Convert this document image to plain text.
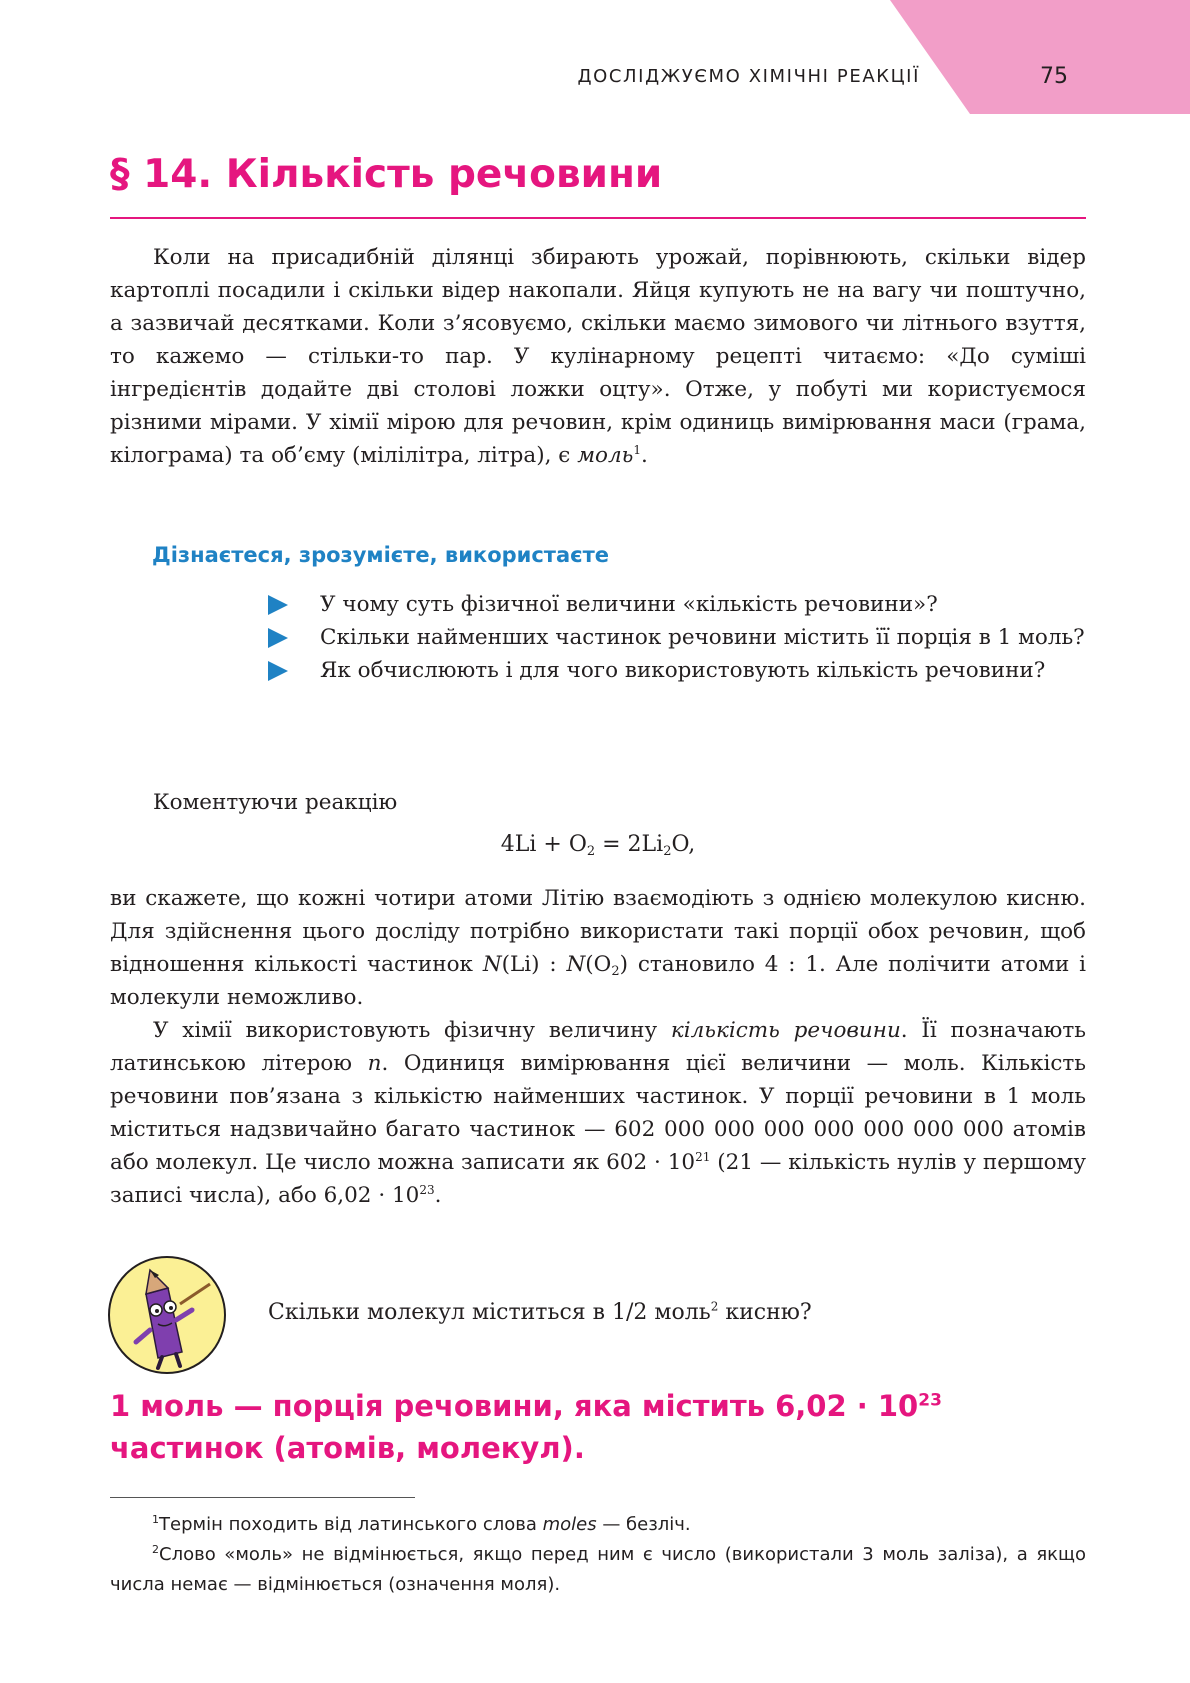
ДОСЛІДЖУЄМО ХІМІЧНІ РЕАКЦІЇ	75
§ 14. Кількість речовини
Коли на присадибній ділянці збирають урожай, порівнюють, скільки відер картоплі посадили і скільки відер накопали. Яйця купують не на вагу чи поштучно, а зазвичай десятками. Коли з’ясовуємо, скільки маємо зимового чи літнього взуття, то кажемо — стільки-то пар. У кулінарному рецепті читаємо: «До суміші інгредієнтів додайте дві столові ложки оцту». Отже, у побуті ми користуємося різними мірами. У хімії мірою для речовин, крім одиниць вимірювання маси (грама, кілограма) та об’єму (мілілітра, літра), є моль$^1$.
Дізнаєтеся, зрозумієте, використаєте
У чому суть фізичної величини «кількість речовини»?
Скільки найменших частинок речовини містить її порція в 1 моль?
Як обчислюють і для чого використовують кількість речовини?
Коментуючи реакцію
$4Li + O_2 = 2Li_2O$,
ви скажете, що кожні чотири атоми Літію взаємодіють з однією молекулою кисню. Для здійснення цього досліду потрібно використати такі порції обох речовин, щоб відношення кількості частинок N(Li) : $N(O_2)$ становило 4 : 1. Але полічити атоми і молекули неможливо.
У хімії використовують фізичну величину кількість речовини. Її позначають латинською літерою n. Одиниця вимірювання цієї величини — моль. Кількість речовини пов’язана з кількістю найменших частинок. У порції речовини в 1 моль міститься надзвичайно багато частинок — 602 000 000 000 000 000 000 000 атомів або молекул. Це число можна записати як $602 \cdot 10^{21}$ (21 — кількість нулів у першому записі числа), або $6,02 \cdot 10^{23}$.
Скільки молекул міститься в 1/2 моль$^2$ кисню?
1 моль — порція речовини, яка містить $6,02 \cdot 10^{23}$ частинок (атомів, молекул).

$^1$Термін походить від латинського слова moles — безліч.

$^2$Слово «моль» не відмінюється, якщо перед ним є число (використали 3 моль заліза), а якщо числа немає — відмінюється (означення моля).
